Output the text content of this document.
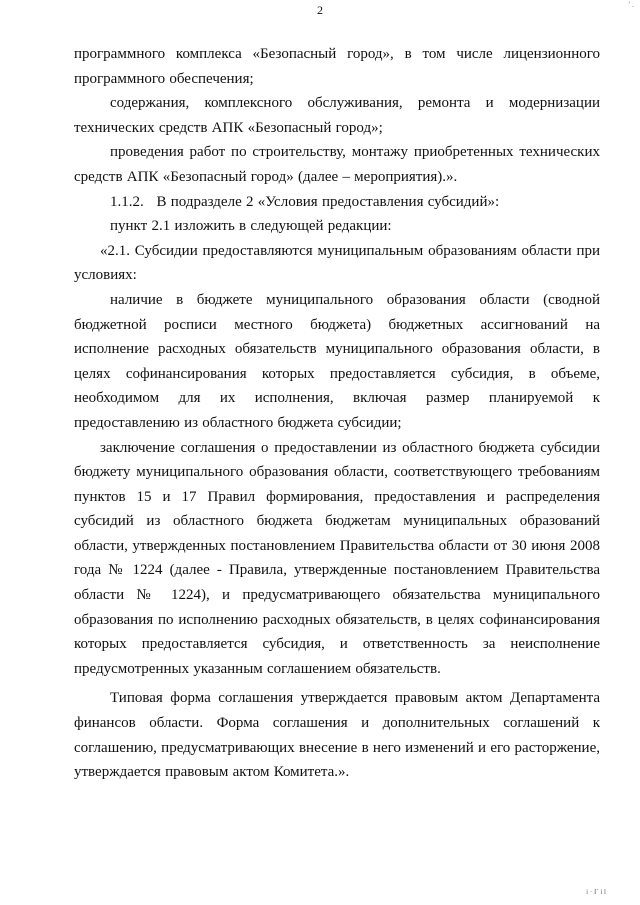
’ .
2

программного комплекса «Безопасный город», в том числе лицензионного программного обеспечения;

содержания, комплексного обслуживания, ремонта и модернизации технических средств АПК «Безопасный город»;

проведения работ по строительству, монтажу приобретенных технических средств АПК «Безопасный город» (далее – мероприятия).».

1.1.2.   В подразделе 2 «Условия предоставления субсидий»:

пункт 2.1 изложить в следующей редакции:

«2.1. Субсидии предоставляются муниципальным образованиям области при условиях:

наличие в бюджете муниципального образования области (сводной бюджетной росписи местного бюджета) бюджетных ассигнований на исполнение расходных обязательств муниципального образования области, в целях софинансирования которых предоставляется субсидия, в объеме, необходимом для их исполнения, включая размер планируемой к предоставлению из областного бюджета субсидии;

заключение соглашения о предоставлении из областного бюджета субсидии бюджету муниципального образования области, соответствующего требованиям пунктов 15 и 17 Правил формирования, предоставления и распределения субсидий из областного бюджета бюджетам муниципальных образований области, утвержденных постановлением Правительства области от 30 июня 2008 года № 1224 (далее - Правила, утвержденные постановлением Правительства области № 1224), и предусматривающего обязательства муниципального образования по исполнению расходных обязательств, в целях софинансирования которых предоставляется субсидия, и ответственность за неисполнение предусмотренных указанным соглашением обязательств.

Типовая форма соглашения утверждается правовым актом Департамента финансов области. Форма соглашения и дополнительных соглашений к соглашению, предусматривающих внесение в него изменений и его расторжение, утверждается правовым актом Комитета.».

i · I´ i l
